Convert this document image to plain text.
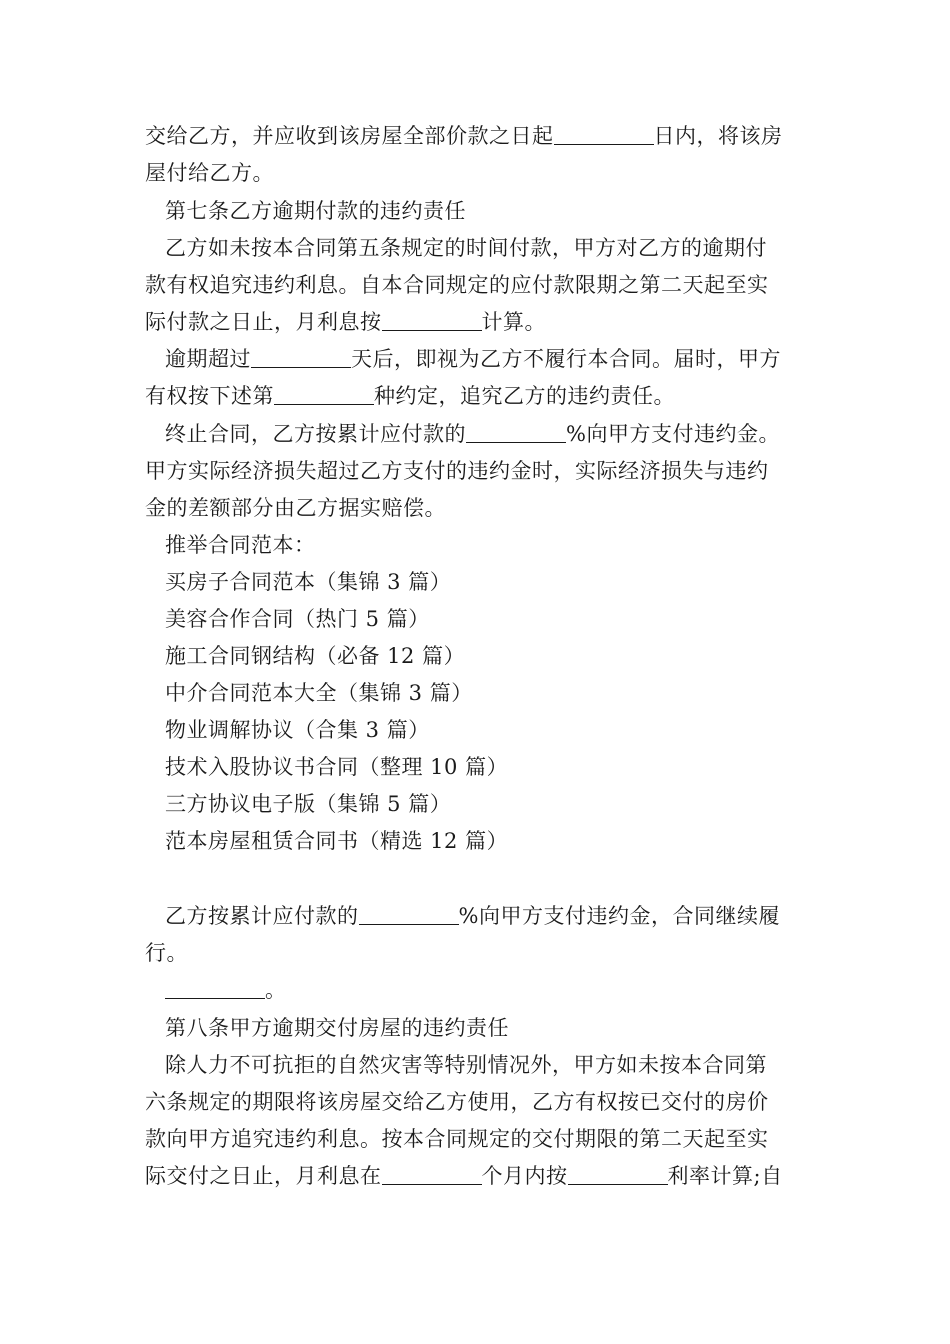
交给乙方，并应收到该房屋全部价款之日起	日内，将该房
屋付给乙方。
第七条乙方逾期付款的违约责任
乙方如未按本合同第五条规定的时间付款，甲方对乙方的逾期付
款有权追究违约利息。自本合同规定的应付款限期之第二天起至实
际付款之日止，月利息按	计算。
逾期超过	天后，即视为乙方不履行本合同。届时，甲方
有权按下述第	种约定，追究乙方的违约责任。
终止合同，乙方按累计应付款的	%向甲方支付违约金。
甲方实际经济损失超过乙方支付的违约金时，实际经济损失与违约
金的差额部分由乙方据实赔偿。
推举合同范本：
买房子合同范本（集锦 3 篇）
美容合作合同（热门 5 篇）
施工合同钢结构（必备 12 篇）
中介合同范本大全（集锦 3 篇）
物业调解协议（合集 3 篇）
技术入股协议书合同（整理 10 篇）
三方协议电子版（集锦 5 篇）
范本房屋租赁合同书（精选 12 篇）
乙方按累计应付款的	%向甲方支付违约金，合同继续履
行。
。
第八条甲方逾期交付房屋的违约责任
除人力不可抗拒的自然灾害等特别情况外，甲方如未按本合同第
六条规定的期限将该房屋交给乙方使用，乙方有权按已交付的房价
款向甲方追究违约利息。按本合同规定的交付期限的第二天起至实
际交付之日止，月利息在	个月内按	利率计算;自
